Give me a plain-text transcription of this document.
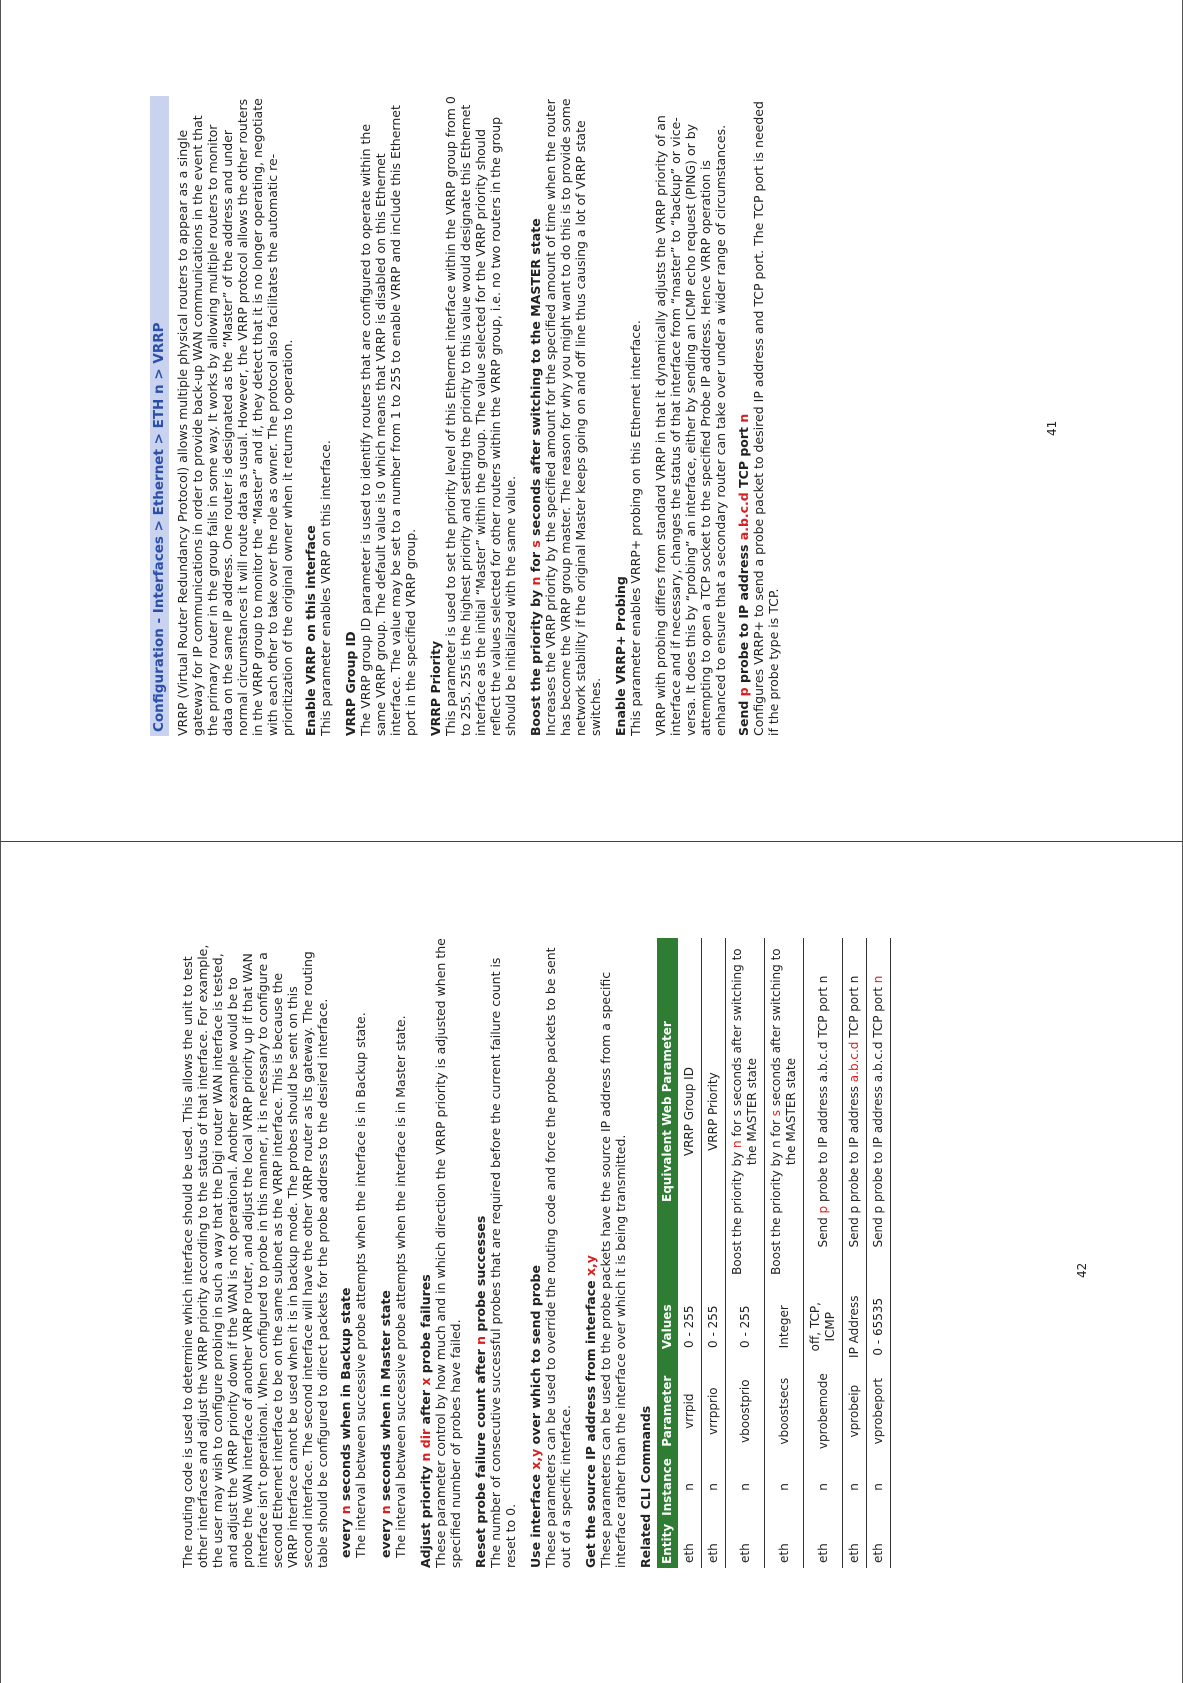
Configuration - Interfaces > Ethernet > ETH n > VRRP VRRP (Virtual Router Redundancy Protocol) allows multiple physical routers to appear as a single gateway for IP communications in order to provide back-up WAN communications in the event that the primary router in the group fails in some way. It works by allowing multiple routers to monitor data on the same IP address. One router is designated as the “Master” of the address and under normal circumstances it will route data as usual. However, the VRRP protocol allows the other routers in the VRRP group to monitor the “Master” and if, they detect that it is no longer operating, negotiate with each other to take over the role as owner. The protocol also facilitates the automatic re-prioritization of the original owner when it returns to operation. Enable VRRP on this interface This parameter enables VRRP on this interface. VRRP Group ID The VRRP group ID parameter is used to identify routers that are configured to operate within the same VRRP group. The default value is 0 which means that VRRP is disabled on this Ethernet interface. The value may be set to a number from 1 to 255 to enable VRRP and include this Ethernet port in the specified VRRP group. VRRP Priority This parameter is used to set the priority level of this Ethernet interface within the VRRP group from 0 to 255. 255 is the highest priority and setting the priority to this value would designate this Ethernet interface as the initial “Master” within the group. The value selected for the VRRP priority should reflect the values selected for other routers within the VRRP group, i.e. no two routers in the group should be initialized with the same value. Boost the priority by n for s seconds after switching to the MASTER state Increases the VRRP priority by the specified amount for the specified amount of time when the router has become the VRRP group master. The reason for why you might want to do this is to provide some network stability if the original Master keeps going on and off line thus causing a lot of VRRP state switches. Enable VRRP+ Probing This parameter enables VRRP+ probing on this Ethernet interface. VRRP with probing differs from standard VRRP in that it dynamically adjusts the VRRP priority of an interface and if necessary, changes the status of that interface from “master” to “backup” or vice-versa. It does this by “probing” an interface, either by sending an ICMP echo request (PING) or by attempting to open a TCP socket to the specified Probe IP address. Hence VRRP operation is enhanced to ensure that a secondary router can take over under a wider range of circumstances. Send p probe to IP address a.b.c.d TCP port n Configures VRRP+ to send a probe packet to desired IP address and TCP port. The TCP port is needed if the probe type is TCP.
41

The routing code is used to determine which interface should be used. This allows the unit to test other interfaces and adjust the VRRP priority according to the status of that interface. For example, the user may wish to configure probing in such a way that the Digi router WAN interface is tested, and adjust the VRRP priority down if the WAN is not operational. Another example would be to probe the WAN interface of another VRRP router, and adjust the local VRRP priority up if that WAN interface isn’t operational. When configured to probe in this manner, it is necessary to configure a second Ethernet interface to be on the same subnet as the VRRP interface. This is because the VRRP interface cannot be used when it is in backup mode. The probes should be sent on this second interface. The second interface will have the other VRRP router as its gateway. The routing table should be configured to direct packets for the probe address to the desired interface. every n seconds when in Backup state The interval between successive probe attempts when the interface is in Backup state. every n seconds when in Master state The interval between successive probe attempts when the interface is in Master state. Adjust priority n dir after x probe failures These parameter control by how much and in which direction the VRRP priority is adjusted when the specified number of probes have failed. Reset probe failure count after n probe successes The number of consecutive successful probes that are required before the current failure count is reset to 0. Use interface x,y over which to send probe These parameters can be used to override the routing code and force the probe packets to be sent out of a specific interface. Get the source IP address from interface x,y These parameters can be used to the probe packets have the source IP address from a specific interface rather than the interface over which it is being transmitted. Related CLI Commands Entity	Instance	Parameter	Values	Equivalent Web Parameter
eth	n	vrrpid	0 - 255	VRRP Group ID
eth	n	vrrpprio	0 - 255	VRRP Priority
eth	n	vboostprio	0 - 255	Boost the priority by n for s seconds after switching to the MASTER state
eth	n	vboostsecs	Integer	Boost the priority by n for s seconds after switching to the MASTER state
eth	n	vprobemode	off, TCP, ICMP	Send p probe to IP address a.b.c.d TCP port n
eth	n	vprobeip	IP Address	Send p probe to IP address a.b.c.d TCP port n
eth	n	vprobeport	0 - 65535	Send p probe to IP address a.b.c.d TCP port n
42
